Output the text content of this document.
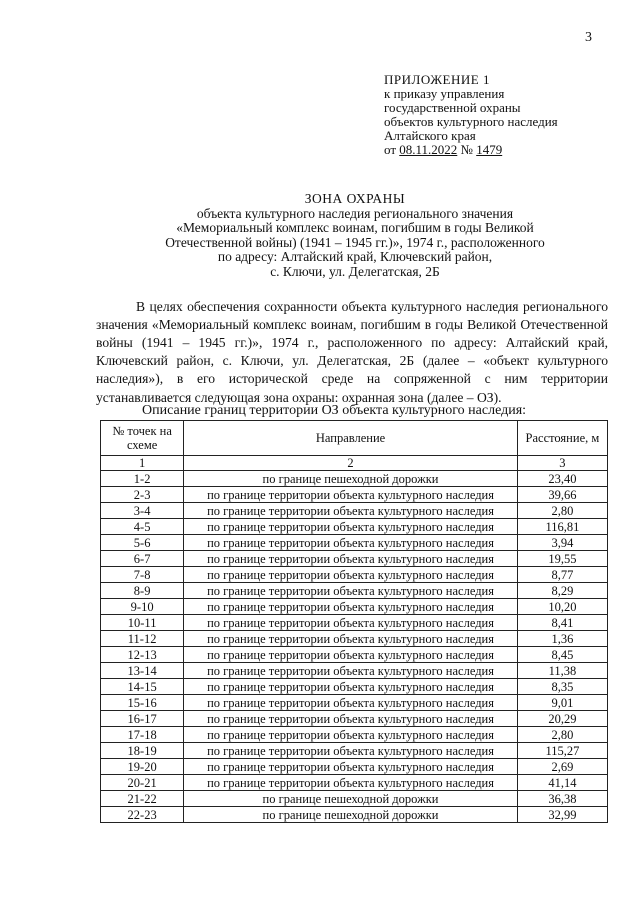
3
ПРИЛОЖЕНИЕ 1
к приказу управления
государственной охраны
объектов культурного наследия
Алтайского края
от 08.11.2022 № 1479
ЗОНА ОХРАНЫ
объекта культурного наследия регионального значения
«Мемориальный комплекс воинам, погибшим в годы Великой
Отечественной войны) (1941 – 1945 гг.)», 1974 г., расположенного
по адресу: Алтайский край, Ключевский район,
с. Ключи, ул. Делегатская, 2Б

В целях обеспечения сохранности объекта культурного наследия регионального значения «Мемориальный комплекс воинам, погибшим в годы Великой Отечественной войны (1941 – 1945 гг.)», 1974 г., расположенного по адресу: Алтайский край, Ключевский район, с. Ключи, ул. Делегатская, 2Б (далее – «объект культурного наследия»), в его исторической среде на сопряженной с ним территории устанавливается следующая зона охраны: охранная зона (далее – ОЗ).

Описание границ территории ОЗ объекта культурного наследия:
№ точек на схеме	Направление	Расстояние, м
1	2	3
1-2	по границе пешеходной дорожки	23,40
2-3	по границе территории объекта культурного наследия	39,66
3-4	по границе территории объекта культурного наследия	2,80
4-5	по границе территории объекта культурного наследия	116,81
5-6	по границе территории объекта культурного наследия	3,94
6-7	по границе территории объекта культурного наследия	19,55
7-8	по границе территории объекта культурного наследия	8,77
8-9	по границе территории объекта культурного наследия	8,29
9-10	по границе территории объекта культурного наследия	10,20
10-11	по границе территории объекта культурного наследия	8,41
11-12	по границе территории объекта культурного наследия	1,36
12-13	по границе территории объекта культурного наследия	8,45
13-14	по границе территории объекта культурного наследия	11,38
14-15	по границе территории объекта культурного наследия	8,35
15-16	по границе территории объекта культурного наследия	9,01
16-17	по границе территории объекта культурного наследия	20,29
17-18	по границе территории объекта культурного наследия	2,80
18-19	по границе территории объекта культурного наследия	115,27
19-20	по границе территории объекта культурного наследия	2,69
20-21	по границе территории объекта культурного наследия	41,14
21-22	по границе пешеходной дорожки	36,38
22-23	по границе пешеходной дорожки	32,99
